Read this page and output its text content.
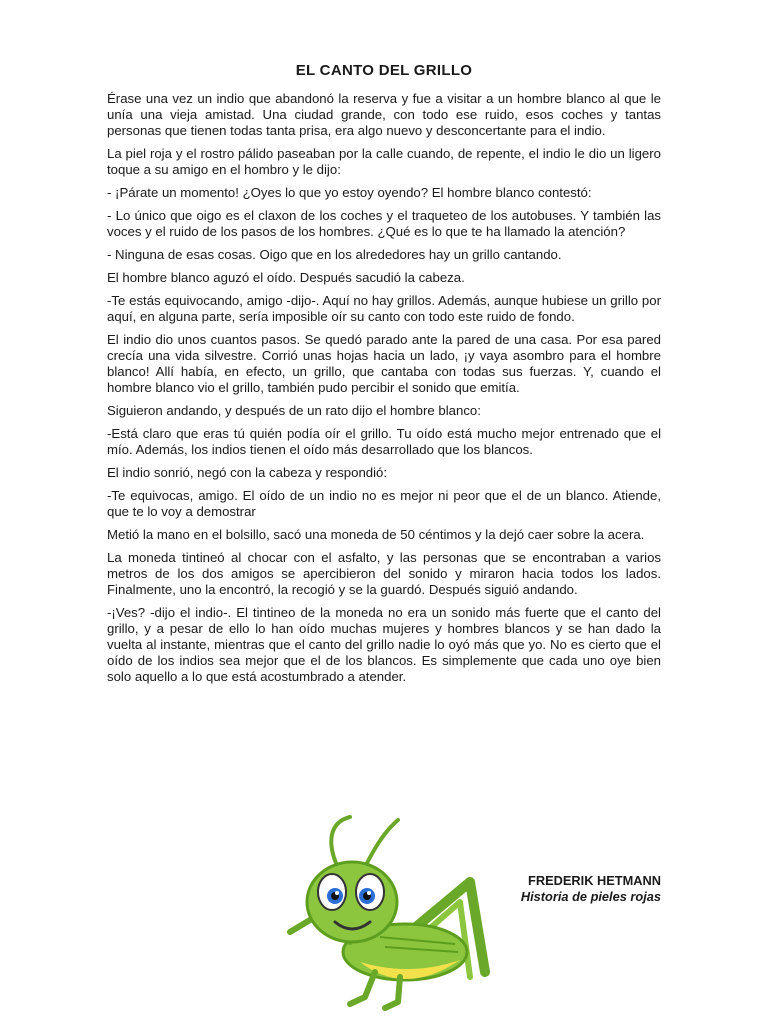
EL CANTO DEL GRILLO

Érase una vez un indio que abandonó la reserva y fue a visitar a un hombre blanco al que le unía una vieja amistad. Una ciudad grande, con todo ese ruido, esos coches y tantas personas que tienen todas tanta prisa, era algo nuevo y desconcertante para el indio.

La piel roja y el rostro pálido paseaban por la calle cuando, de repente, el indio le dio un ligero toque a su amigo en el hombro y le dijo:

- ¡Párate un momento! ¿Oyes lo que yo estoy oyendo? El hombre blanco contestó:

- Lo único que oigo es el claxon de los coches y el traqueteo de los autobuses. Y también las voces y el ruido de los pasos de los hombres. ¿Qué es lo que te ha llamado la atención?

- Ninguna de esas cosas. Oigo que en los alrededores hay un grillo cantando.

El hombre blanco aguzó el oído. Después sacudió la cabeza.

-Te estás equivocando, amigo -dijo-. Aquí no hay grillos. Además, aunque hubiese un grillo por aquí, en alguna parte, sería imposible oír su canto con todo este ruido de fondo.

El indio dio unos cuantos pasos. Se quedó parado ante la pared de una casa. Por esa pared crecía una vida silvestre. Corrió unas hojas hacia un lado, ¡y vaya asombro para el hombre blanco! Allí había, en efecto, un grillo, que cantaba con todas sus fuerzas. Y, cuando el hombre blanco vio el grillo, también pudo percibir el sonido que emitía.

Siguieron andando, y después de un rato dijo el hombre blanco:

-Está claro que eras tú quién podía oír el grillo. Tu oído está mucho mejor entrenado que el mío. Además, los indios tienen el oído más desarrollado que los blancos.

El indio sonrió, negó con la cabeza y respondió:

-Te equivocas, amigo. El oído de un indio no es mejor ni peor que el de un blanco. Atiende, que te lo voy a demostrar

Metió la mano en el bolsillo, sacó una moneda de 50 céntimos y la dejó caer sobre la acera.

La moneda tintineó al chocar con el asfalto, y las personas que se encontraban a varios metros de los dos amigos se apercibieron del sonido y miraron hacia todos los lados. Finalmente, uno la encontró, la recogió y se la guardó. Después siguió andando.

-¡Ves? -dijo el indio-. El tintineo de la moneda no era un sonido más fuerte que el canto del grillo, y a pesar de ello lo han oído muchas mujeres y hombres blancos y se han dado la vuelta al instante, mientras que el canto del grillo nadie lo oyó más que yo. No es cierto que el oído de los indios sea mejor que el de los blancos. Es simplemente que cada uno oye bien solo aquello a lo que está acostumbrado a atender.

FREDERIK HETMANN
Historia de pieles rojas
